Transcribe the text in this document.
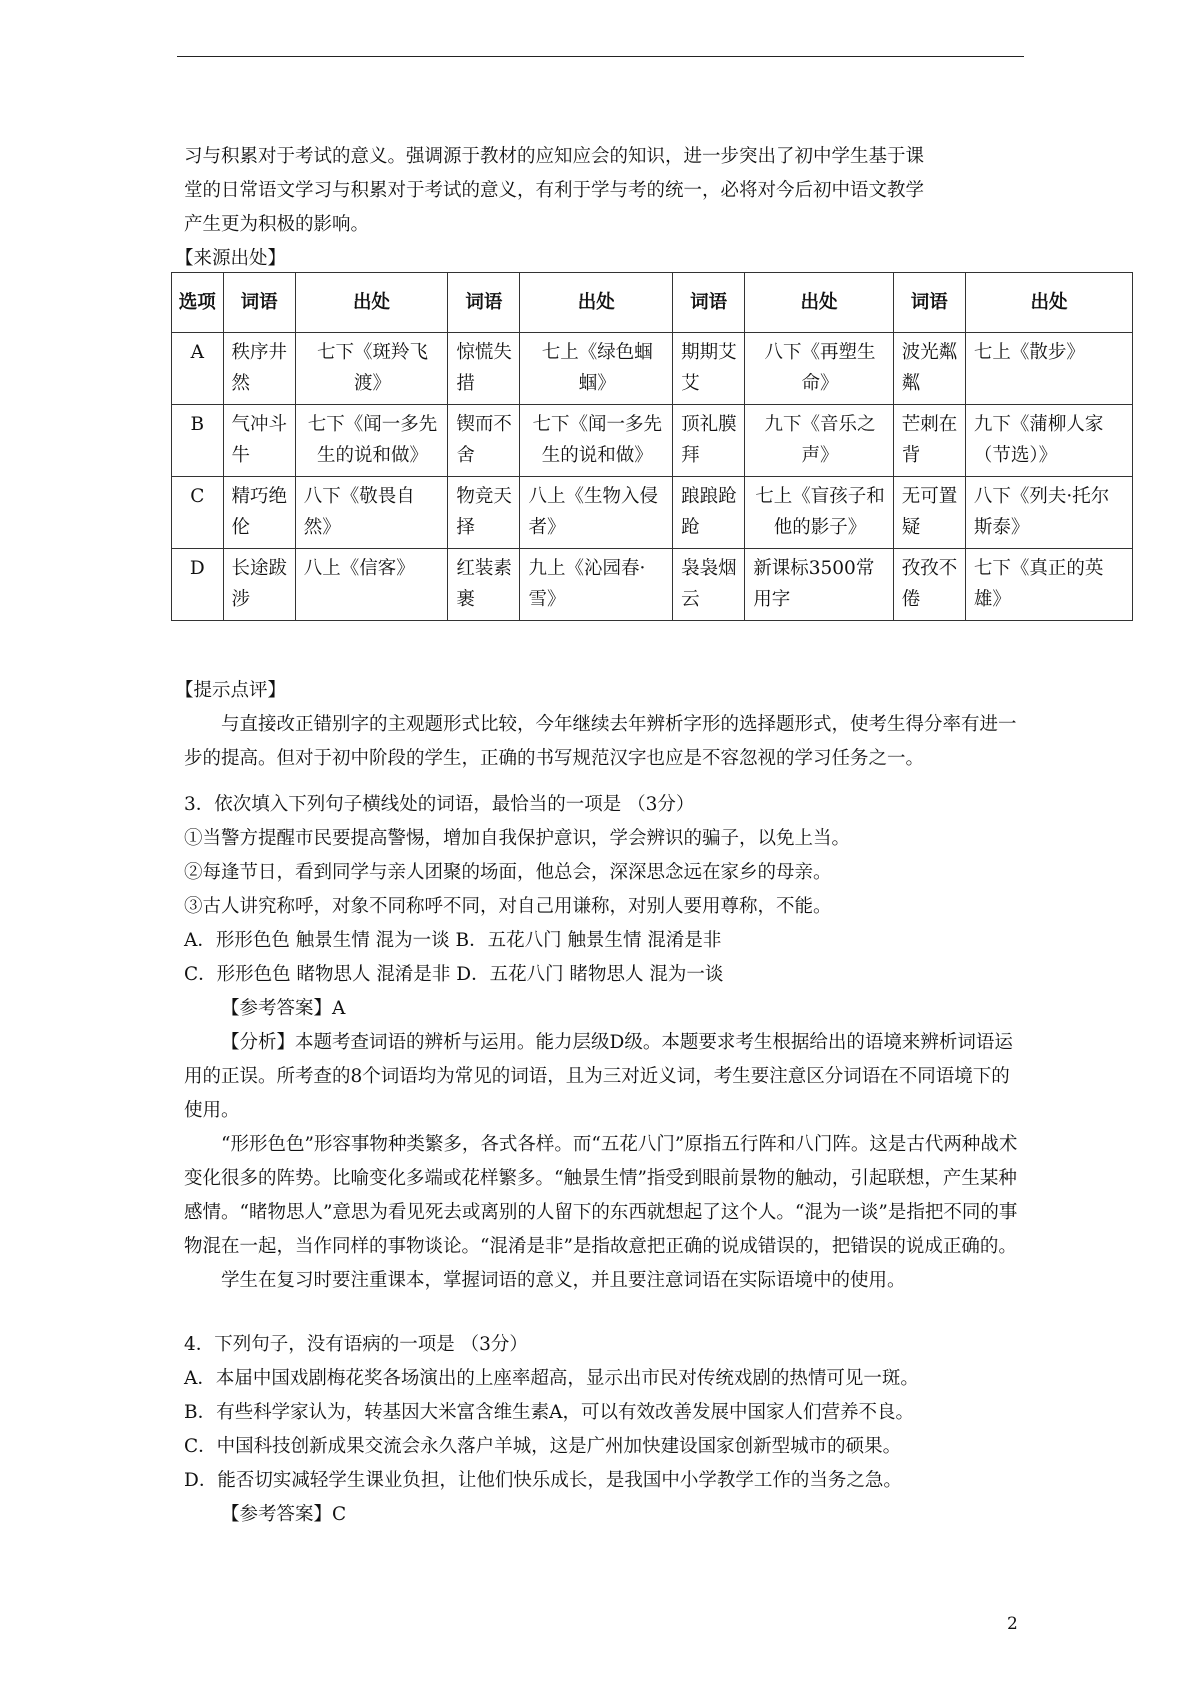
习与积累对于考试的意义。强调源于教材的应知应会的知识，进一步突出了初中学生基于课

堂的日常语文学习与积累对于考试的意义，有利于学与考的统一，必将对今后初中语文教学

产生更为积极的影响。

【来源出处】

选项	词语	出处	词语	出处	词语	出处	词语	出处
A	秩序井然	七下《斑羚飞渡》	惊慌失措	七上《绿色蝈蝈》	期期艾艾	八下《再塑生命》	波光粼粼	七上《散步》
B	气冲斗牛	七下《闻一多先生的说和做》	锲而不舍	七下《闻一多先生的说和做》	顶礼膜拜	九下《音乐之声》	芒刺在背	九下《蒲柳人家（节选）》
C	精巧绝伦	八下《敬畏自然》	物竞天择	八上《生物入侵者》	踉踉跄跄	七上《盲孩子和他的影子》	无可置疑	八下《列夫·托尔斯泰》
D	长途跋涉	八上《信客》	红装素裹	九上《沁园春·雪》	袅袅烟云	新课标3500常用字	孜孜不倦	七下《真正的英雄》

【提示点评】

与直接改正错别字的主观题形式比较，今年继续去年辨析字形的选择题形式，使考生得分率有进一步的提高。但对于初中阶段的学生，正确的书写规范汉字也应是不容忽视的学习任务之一。

3．依次填入下列句子横线处的词语，最恰当的一项是 （3分）

①当警方提醒市民要提高警惕，增加自我保护意识，学会辨识的骗子，以免上当。

②每逢节日，看到同学与亲人团聚的场面，他总会，深深思念远在家乡的母亲。

③古人讲究称呼，对象不同称呼不同，对自己用谦称，对别人要用尊称，不能。

A．形形色色 触景生情 混为一谈 B．五花八门 触景生情 混淆是非

C．形形色色 睹物思人 混淆是非 D．五花八门 睹物思人 混为一谈

【参考答案】A

【分析】本题考查词语的辨析与运用。能力层级D级。本题要求考生根据给出的语境来辨析词语运用的正误。所考查的8个词语均为常见的词语，且为三对近义词，考生要注意区分词语在不同语境下的使用。

“形形色色”形容事物种类繁多，各式各样。而“五花八门”原指五行阵和八门阵。这是古代两种战术变化很多的阵势。比喻变化多端或花样繁多。“触景生情”指受到眼前景物的触动，引起联想，产生某种感情。“睹物思人”意思为看见死去或离别的人留下的东西就想起了这个人。“混为一谈”是指把不同的事物混在一起，当作同样的事物谈论。“混淆是非”是指故意把正确的说成错误的，把错误的说成正确的。

学生在复习时要注重课本，掌握词语的意义，并且要注意词语在实际语境中的使用。

4．下列句子，没有语病的一项是 （3分）

A．本届中国戏剧梅花奖各场演出的上座率超高，显示出市民对传统戏剧的热情可见一斑。

B．有些科学家认为，转基因大米富含维生素A，可以有效改善发展中国家人们营养不良。

C．中国科技创新成果交流会永久落户羊城，这是广州加快建设国家创新型城市的硕果。

D．能否切实减轻学生课业负担，让他们快乐成长，是我国中小学教学工作的当务之急。

【参考答案】C

2
